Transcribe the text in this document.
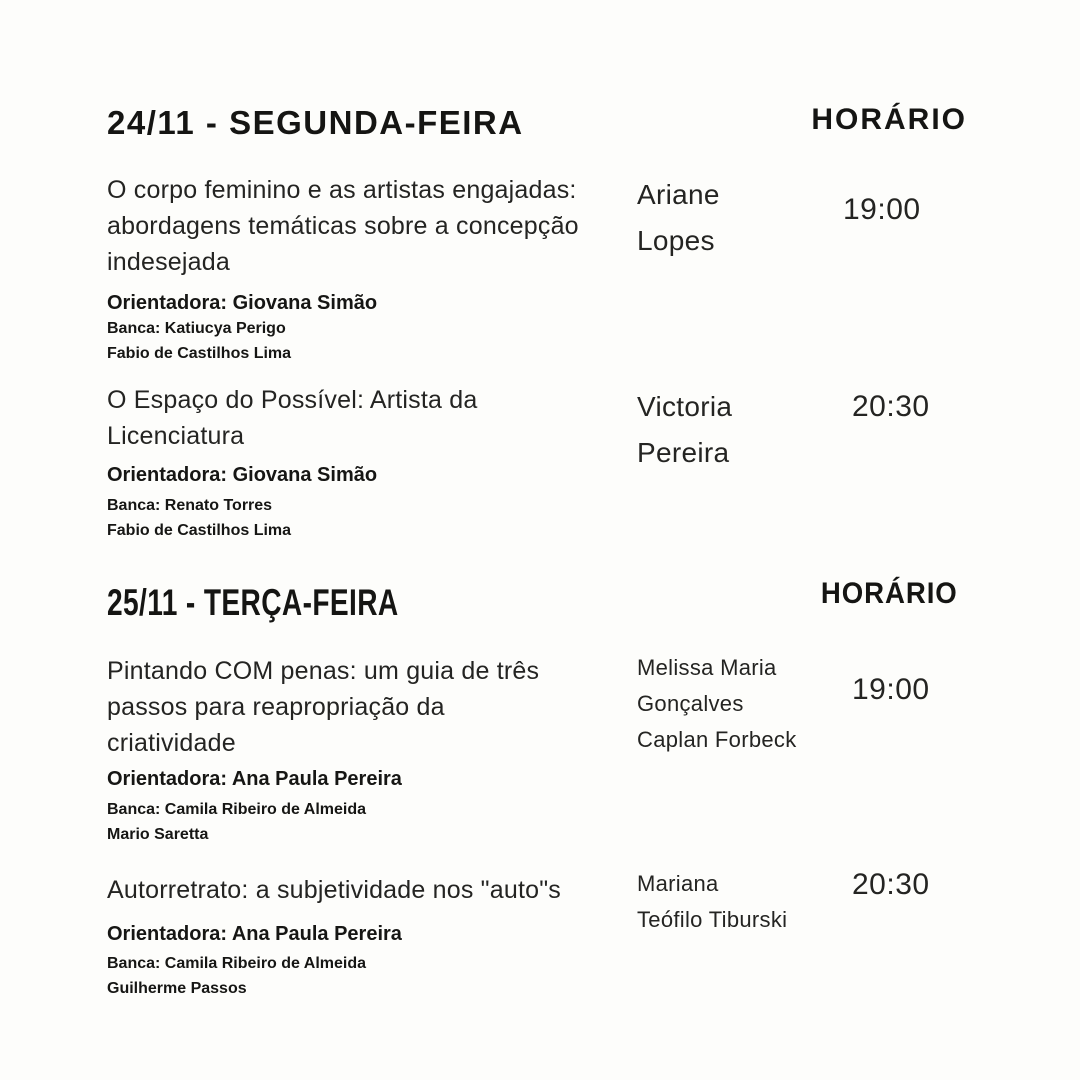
24/11 - SEGUNDA-FEIRA	HORÁRIO
O corpo feminino e as artistas engajadas: abordagens temáticas sobre a concepção indesejada
Orientadora: Giovana Simão
Banca: Katiucya Perigo
Fabio de Castilhos Lima
Ariane
Lopes
19:00
O Espaço do Possível: Artista da Licenciatura
Orientadora: Giovana Simão
Banca: Renato Torres
Fabio de Castilhos Lima
Victoria
Pereira
20:30
25/11 - TERÇA-FEIRA	HORÁRIO
Pintando COM penas: um guia de três passos para reapropriação da criatividade
Orientadora: Ana Paula Pereira
Banca: Camila Ribeiro de Almeida
Mario Saretta
Melissa Maria
Gonçalves
Caplan Forbeck
19:00
Autorretrato: a subjetividade nos "auto"s
Orientadora: Ana Paula Pereira
Banca: Camila Ribeiro de Almeida
Guilherme Passos
Mariana
Teófilo Tiburski
20:30
